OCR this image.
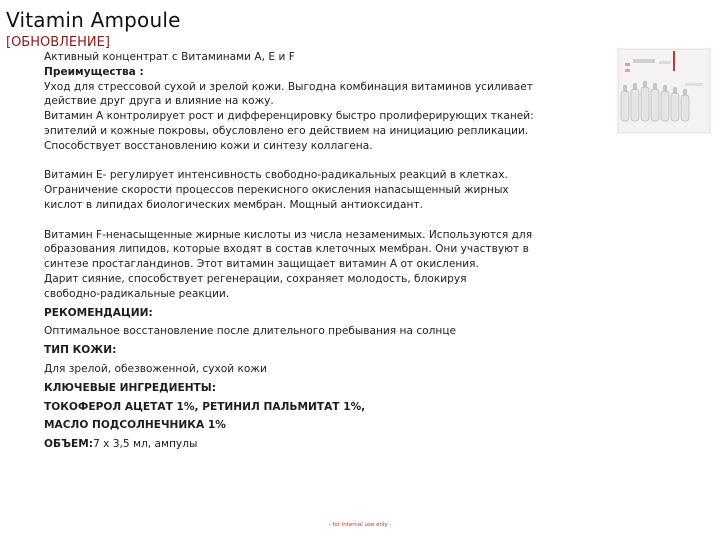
Vitamin Ampoule
[ОБНОВЛЕНИЕ]

Активный концентрат с Витаминами А, Е и F

Преимущества :

Уход для стрессовой сухой и зрелой кожи. Выгодна комбинация витаминов усиливает

действие друг друга и влияние на кожу.

Витамин А контролирует рост и дифференцировку быстро пролиферирующих тканей:

эпителий и кожные покровы, обусловлено его действием на инициацию репликации.

Способствует восстановлению кожи и синтезу коллагена.

Витамин Е- регулирует интенсивность свободно-радикальных реакций в клетках.

Ограничение скорости процессов перекисного окисления наnасыщенный жирных

кислот в липидах биологических мембран. Мощный антиоксидант.

Витамин F-ненасыщенные жирные кислоты из числа незаменимых. Используются для

образования липидов, которые входят в состав клеточных мембран. Они участвуют в

синтезе простагландинов. Этот витамин защищает витамин А от окисления.

Дарит сияние, способствует регенерации, сохраняет молодость, блокируя

свободно-радикальные реакции.

РЕКОМЕНДАЦИИ:

Оптимальное восстановление после длительного пребывания на солнце

ТИП КОЖИ:

Для зрелой, обезвоженной, сухой кожи

КЛЮЧЕВЫЕ ИНГРЕДИЕНТЫ:

ТОКОФЕРОЛ АЦЕТАТ 1%, РЕТИНИЛ ПАЛЬМИТАТ 1%,

МАСЛО ПОДСОЛНЕЧНИКА 1%

ОБЪЕМ:7 x 3,5 мл, ампулы

- for internal use only -
